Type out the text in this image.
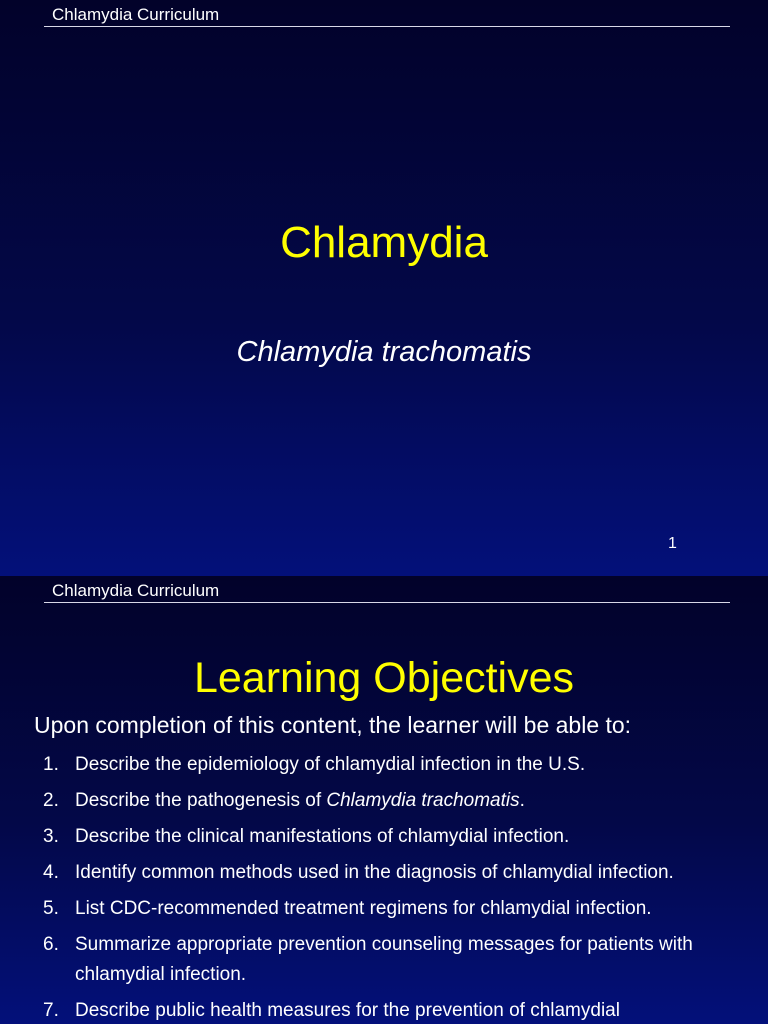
Chlamydia Curriculum
Chlamydia
Chlamydia trachomatis
1
Chlamydia Curriculum
Learning Objectives
Upon completion of this content, the learner will be able to:
1. Describe the epidemiology of chlamydial infection in the U.S.
2. Describe the pathogenesis of Chlamydia trachomatis.
3. Describe the clinical manifestations of chlamydial infection.
4. Identify common methods used in the diagnosis of chlamydial infection.
5. List CDC-recommended treatment regimens for chlamydial infection.
6. Summarize appropriate prevention counseling messages for patients with chlamydial infection.
7. Describe public health measures for the prevention of chlamydial
